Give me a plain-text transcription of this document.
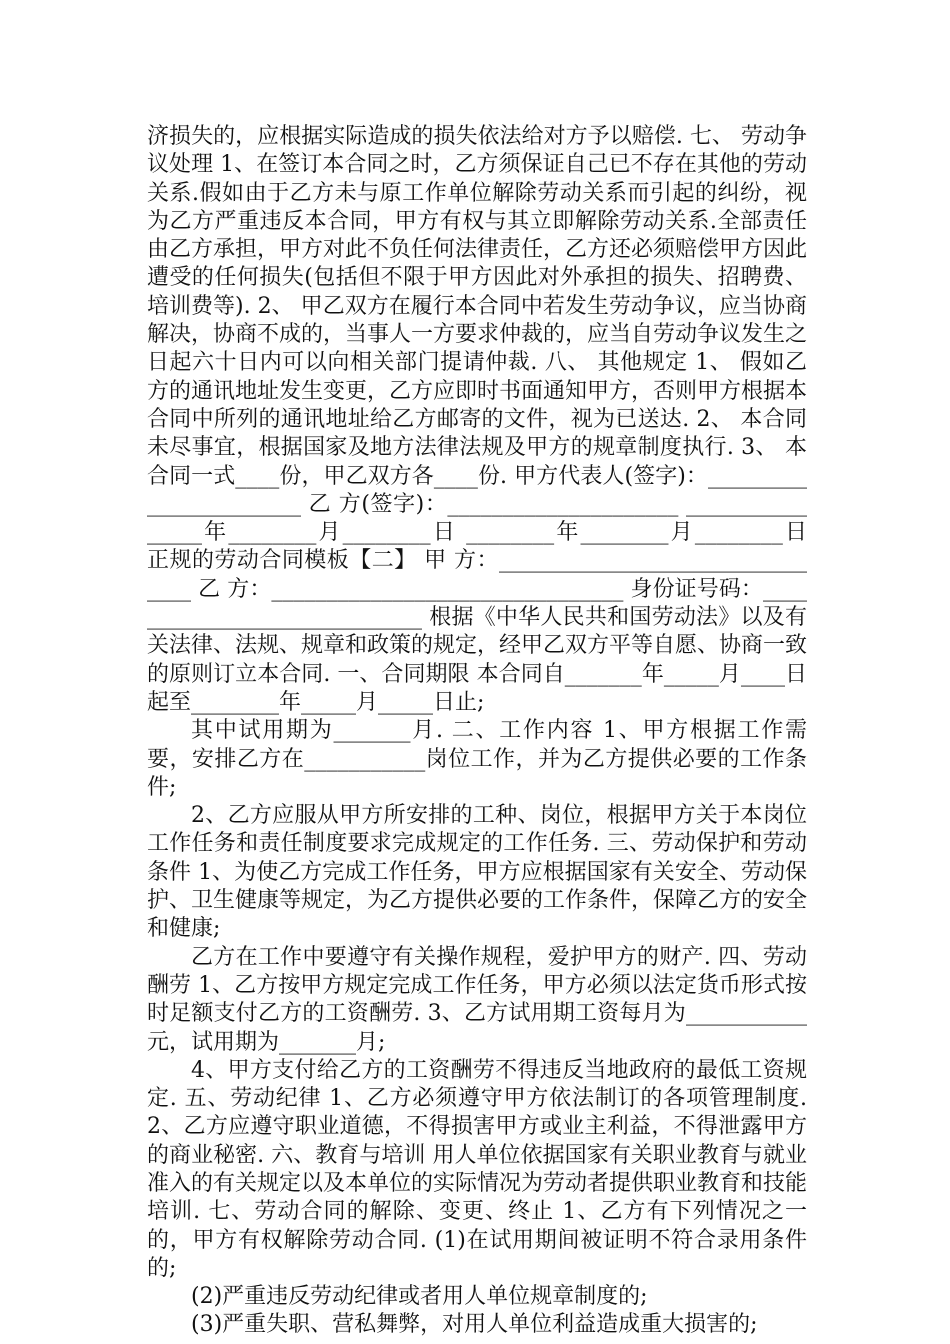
济损失的，应根据实际造成的损失依法给对方予以赔偿. 七、 劳动争议处理 1、在签订本合同之时，乙方须保证自己已不存在其他的劳动关系.假如由于乙方未与原工作单位解除劳动关系而引起的纠纷，视为乙方严重违反本合同，甲方有权与其立即解除劳动关系.全部责任由乙方承担，甲方对此不负任何法律责任，乙方还必须赔偿甲方因此遭受的任何损失(包括但不限于甲方因此对外承担的损失、招聘费、培训费等). 2、 甲乙双方在履行本合同中若发生劳动争议，应当协商解决，协商不成的，当事人一方要求仲裁的，应当自劳动争议发生之日起六十日内可以向相关部门提请仲裁. 八、 其他规定 1、 假如乙方的通讯地址发生变更，乙方应即时书面通知甲方，否则甲方根据本合同中所列的通讯地址给乙方邮寄的文件，视为已送达. 2、 本合同未尽事宜，根据国家及地方法律法规及甲方的规章制度执行. 3、 本合同一式____份，甲乙双方各____份. 甲方代表人(签字)：_______________________ 乙 方(签字)：_____________________ ________________年________月________日 ________年________月________日 正规的劳动合同模板【二】 甲 方：________________________________ 乙 方：________________________________ 身份证号码：_____________________________ 根据《中华人民共和国劳动法》以及有关法律、法规、规章和政策的规定，经甲乙双方平等自愿、协商一致的原则订立本合同. 一、合同期限 本合同自_______年_____月____日起至________年_____月_____日止;

其中试用期为_______月. 二、工作内容 1、甲方根据工作需要，安排乙方在___________岗位工作，并为乙方提供必要的工作条件;

2、乙方应服从甲方所安排的工种、岗位，根据甲方关于本岗位工作任务和责任制度要求完成规定的工作任务. 三、劳动保护和劳动条件 1、为使乙方完成工作任务，甲方应根据国家有关安全、劳动保护、卫生健康等规定，为乙方提供必要的工作条件，保障乙方的安全和健康;

乙方在工作中要遵守有关操作规程，爱护甲方的财产. 四、劳动酬劳 1、乙方按甲方规定完成工作任务，甲方必须以法定货币形式按时足额支付乙方的工资酬劳. 3、乙方试用期工资每月为___________元，试用期为_______月;

4、甲方支付给乙方的工资酬劳不得违反当地政府的最低工资规定. 五、劳动纪律 1、乙方必须遵守甲方依法制订的各项管理制度. 2、乙方应遵守职业道德，不得损害甲方或业主利益，不得泄露甲方的商业秘密. 六、教育与培训 用人单位依据国家有关职业教育与就业准入的有关规定以及本单位的实际情况为劳动者提供职业教育和技能培训. 七、劳动合同的解除、变更、终止 1、乙方有下列情况之一的，甲方有权解除劳动合同. (1)在试用期间被证明不符合录用条件的;

(2)严重违反劳动纪律或者用人单位规章制度的;

(3)严重失职、营私舞弊，对用人单位利益造成重大损害的;
